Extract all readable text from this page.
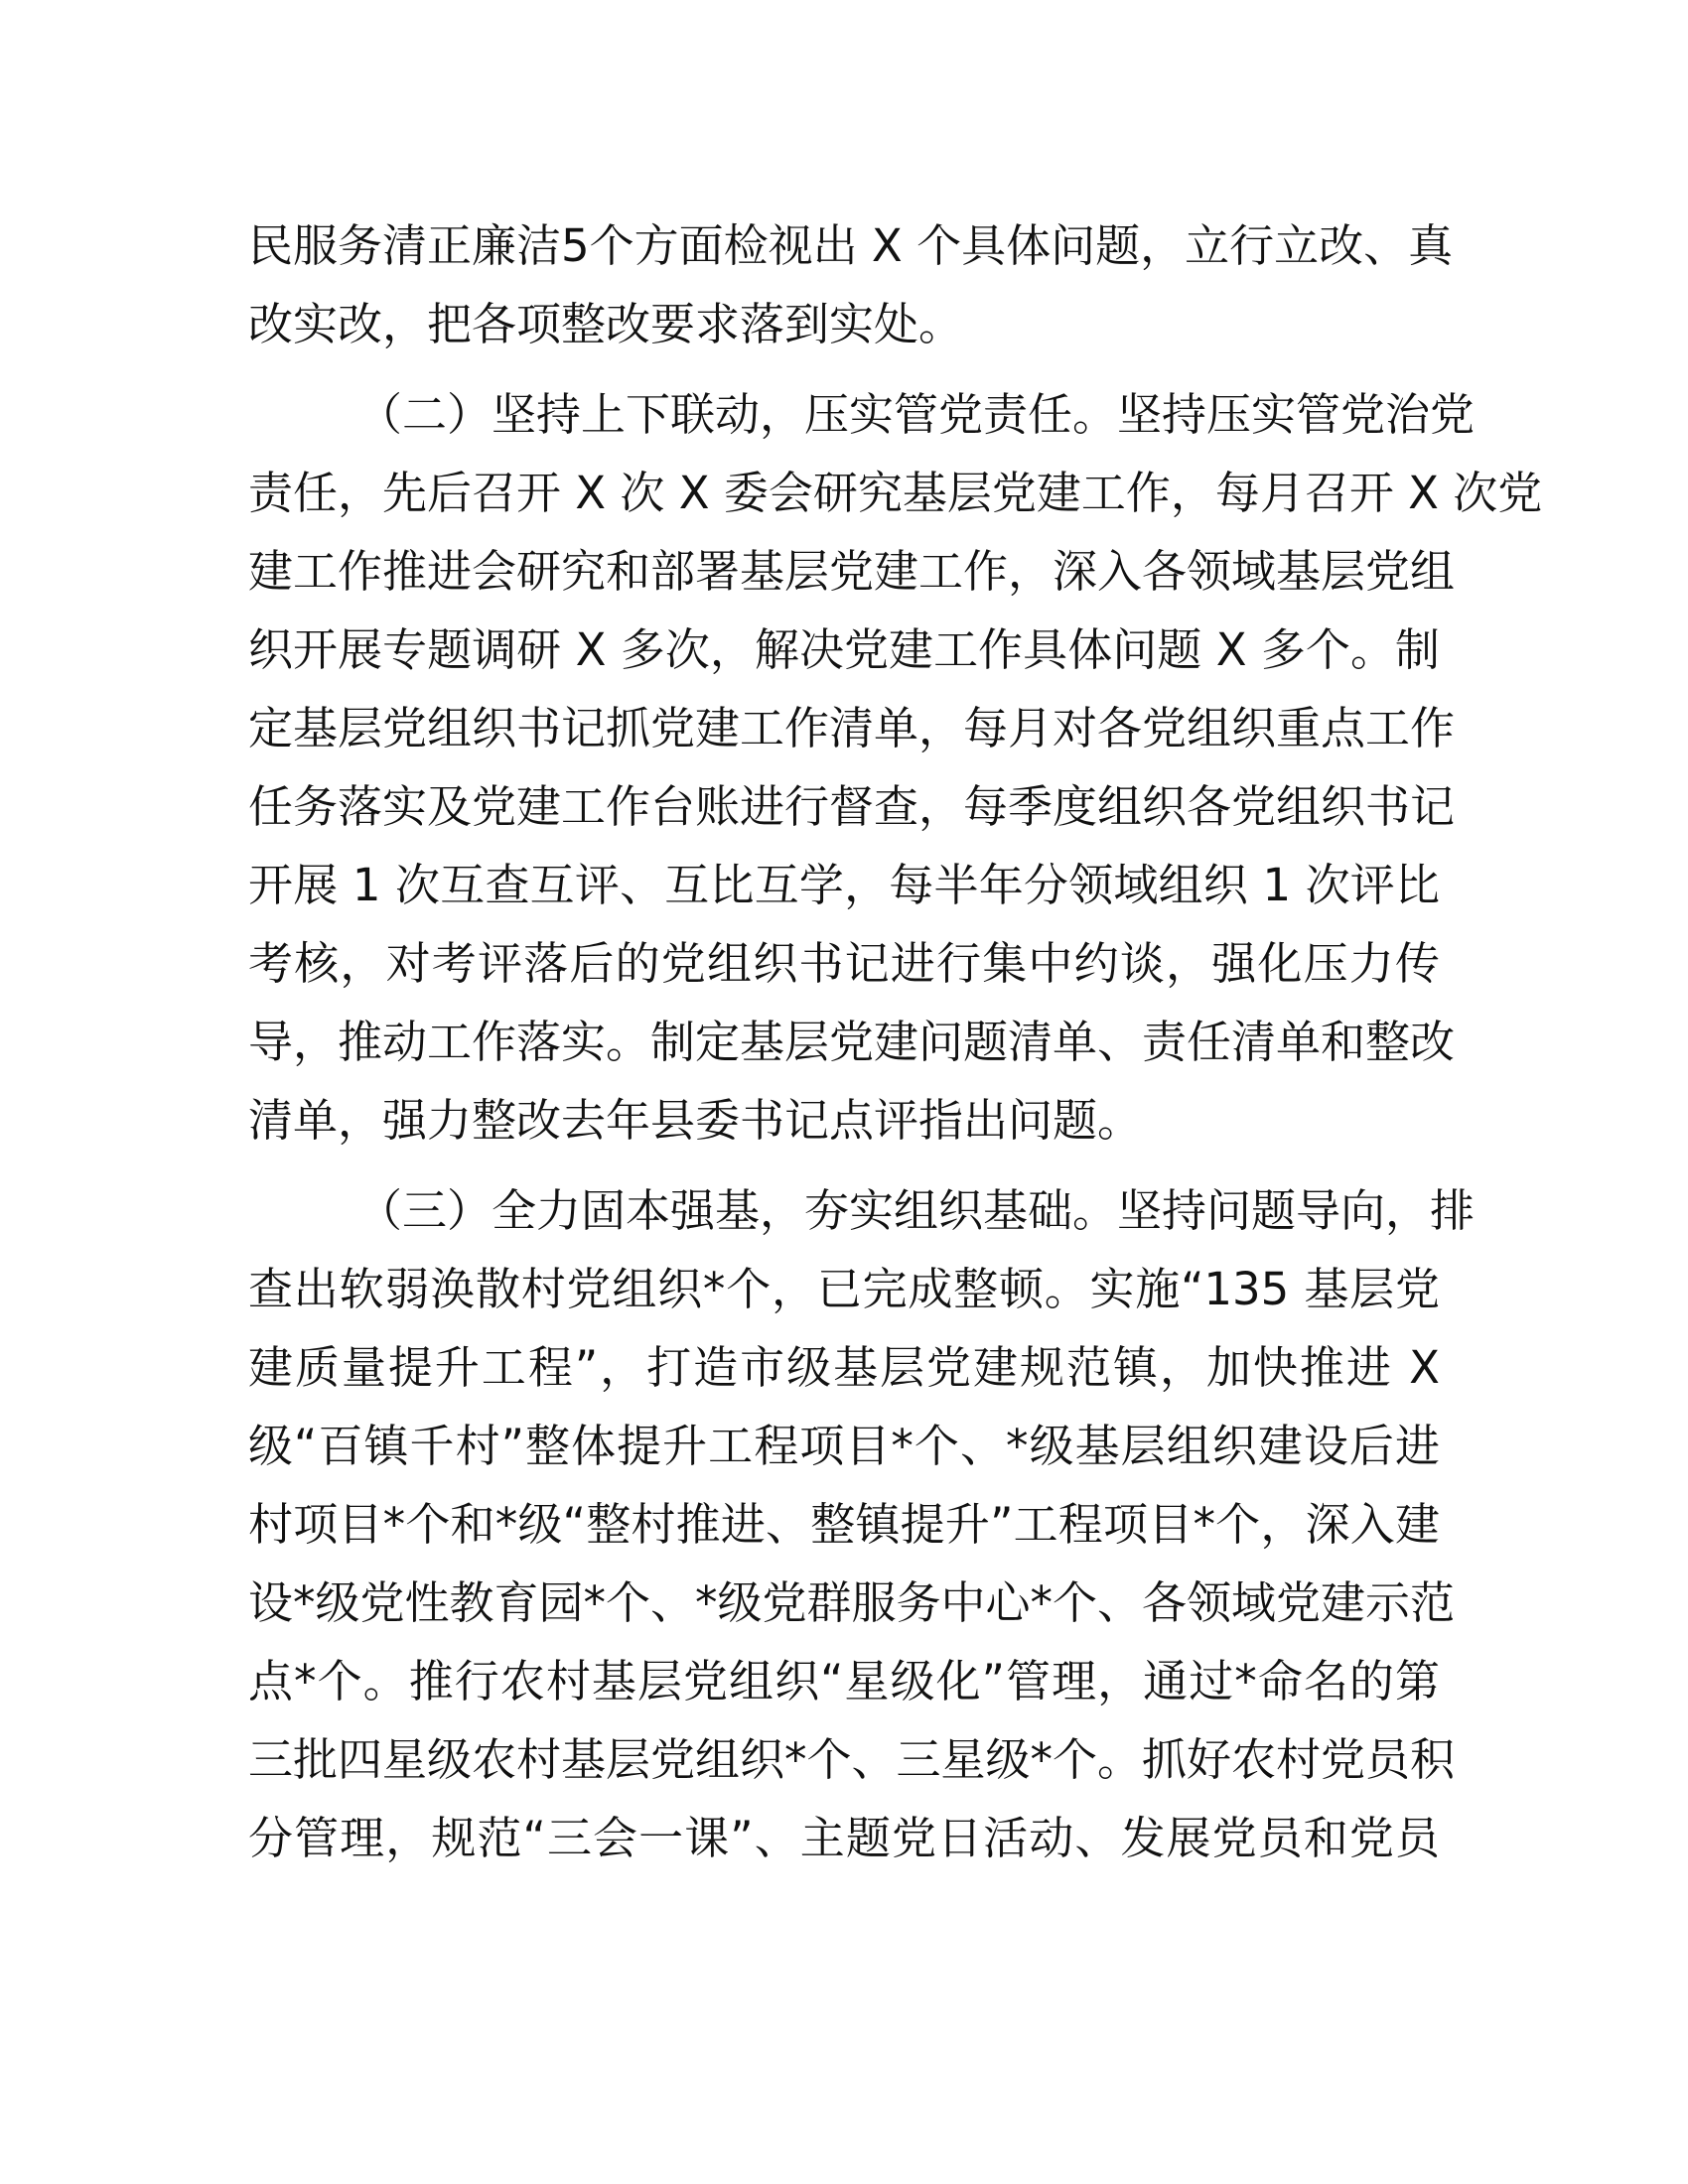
民服务清正廉洁5个方面检视出 X 个具体问题，立行立改、真
改实改，把各项整改要求落到实处。
（二）坚持上下联动，压实管党责任。坚持压实管党治党
责任，先后召开 X 次 X 委会研究基层党建工作，每月召开 X 次党
建工作推进会研究和部署基层党建工作，深入各领域基层党组
织开展专题调研 X 多次，解决党建工作具体问题 X 多个。制
定基层党组织书记抓党建工作清单，每月对各党组织重点工作
任务落实及党建工作台账进行督查，每季度组织各党组织书记
开展 1 次互查互评、互比互学，每半年分领域组织 1 次评比
考核，对考评落后的党组织书记进行集中约谈，强化压力传
导，推动工作落实。制定基层党建问题清单、责任清单和整改
清单，强力整改去年县委书记点评指出问题。
（三）全力固本强基，夯实组织基础。坚持问题导向，排
查出软弱涣散村党组织*个，已完成整顿。实施“135 基层党
建质量提升工程”，打造市级基层党建规范镇，加快推进 X
级“百镇千村”整体提升工程项目*个、*级基层组织建设后进
村项目*个和*级“整村推进、整镇提升”工程项目*个，深入建
设*级党性教育园*个、*级党群服务中心*个、各领域党建示范
点*个。推行农村基层党组织“星级化”管理，通过*命名的第
三批四星级农村基层党组织*个、三星级*个。抓好农村党员积
分管理，规范“三会一课”、主题党日活动、发展党员和党员
